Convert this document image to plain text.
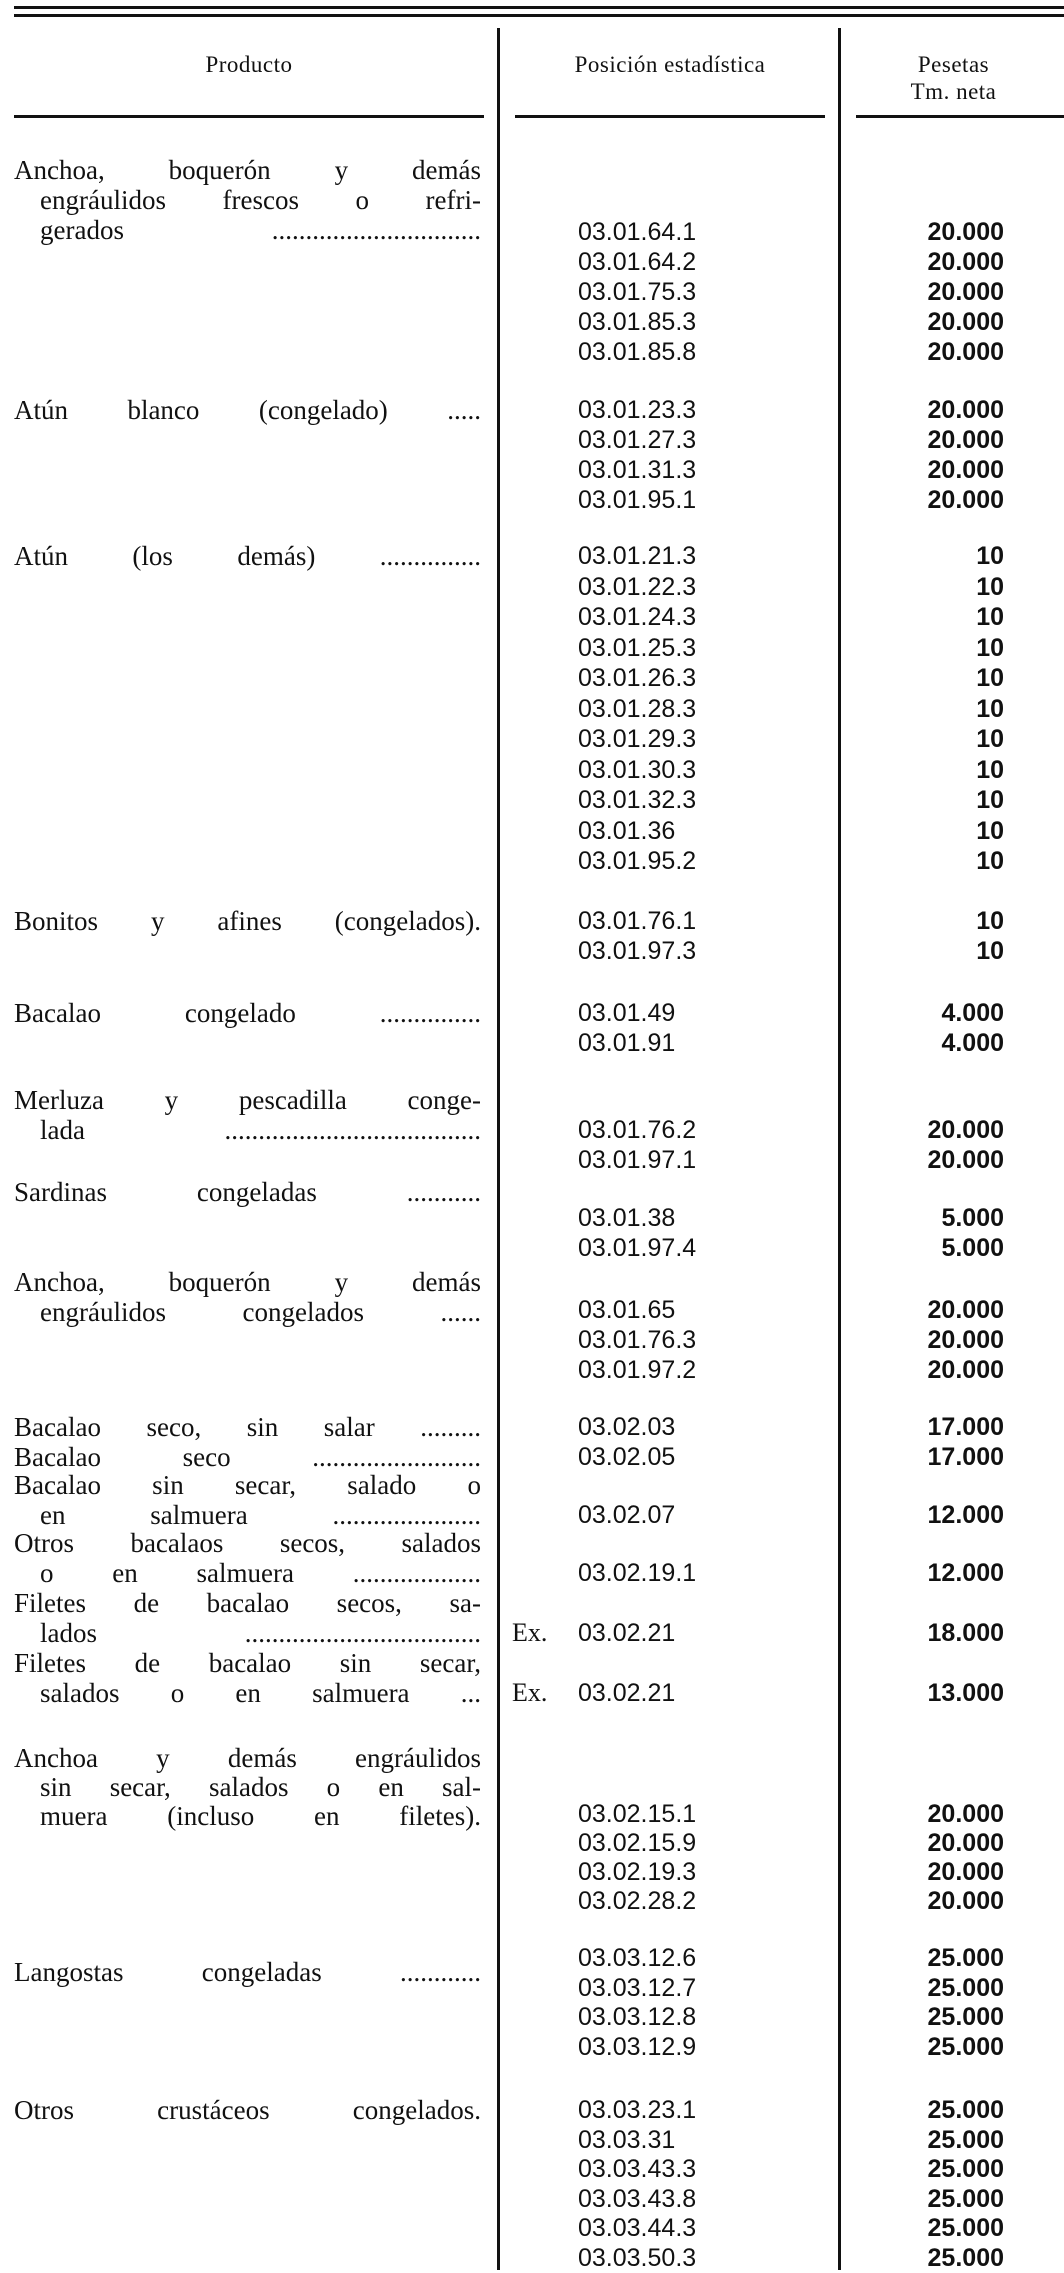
Producto	Posición estadística	Pesetas
Tm. neta
Anchoa, boquerón y demás
engráulidos frescos o refri-
gerados ...............................	03.01.64.1	20.000
03.01.64.2	20.000
03.01.75.3	20.000
03.01.85.3	20.000
03.01.85.8	20.000
Atún blanco (congelado) .....	03.01.23.3	20.000
03.01.27.3	20.000
03.01.31.3	20.000
03.01.95.1	20.000
Atún (los demás) ...............	03.01.21.3	10
03.01.22.3	10
03.01.24.3	10
03.01.25.3	10
03.01.26.3	10
03.01.28.3	10
03.01.29.3	10
03.01.30.3	10
03.01.32.3	10
03.01.36	10
03.01.95.2	10
Bonitos y afines (congelados).	03.01.76.1	10
03.01.97.3	10
Bacalao congelado ...............	03.01.49	4.000
03.01.91	4.000
Merluza y pescadilla conge-
lada ......................................	03.01.76.2	20.000
03.01.97.1	20.000
Sardinas congeladas ...........
03.01.38	5.000
03.01.97.4	5.000
Anchoa, boquerón y demás
engráulidos congelados ......	03.01.65	20.000
03.01.76.3	20.000
03.01.97.2	20.000
Bacalao seco, sin salar .........	03.02.03	17.000
Bacalao seco .........................	03.02.05	17.000
Bacalao sin secar, salado o
en salmuera ......................	03.02.07	12.000
Otros bacalaos secos, salados
o en salmuera ...................	03.02.19.1	12.000
Filetes de bacalao secos, sa-
lados ................................... Ex. 03.02.21	18.000
Filetes de bacalao sin secar,
salados o en salmuera ... Ex. 03.02.21	13.000
Anchoa y demás engráulidos
sin secar, salados o en sal-
muera (incluso en filetes).	03.02.15.1	20.000
03.02.15.9	20.000
03.02.19.3	20.000
03.02.28.2	20.000
Langostas congeladas ............	03.03.12.6	25.000
03.03.12.7	25.000
03.03.12.8	25.000
03.03.12.9	25.000
Otros crustáceos congelados.	03.03.23.1	25.000
03.03.31	25.000
03.03.43.3	25.000
03.03.43.8	25.000
03.03.44.3	25.000
03.03.50.3	25.000
